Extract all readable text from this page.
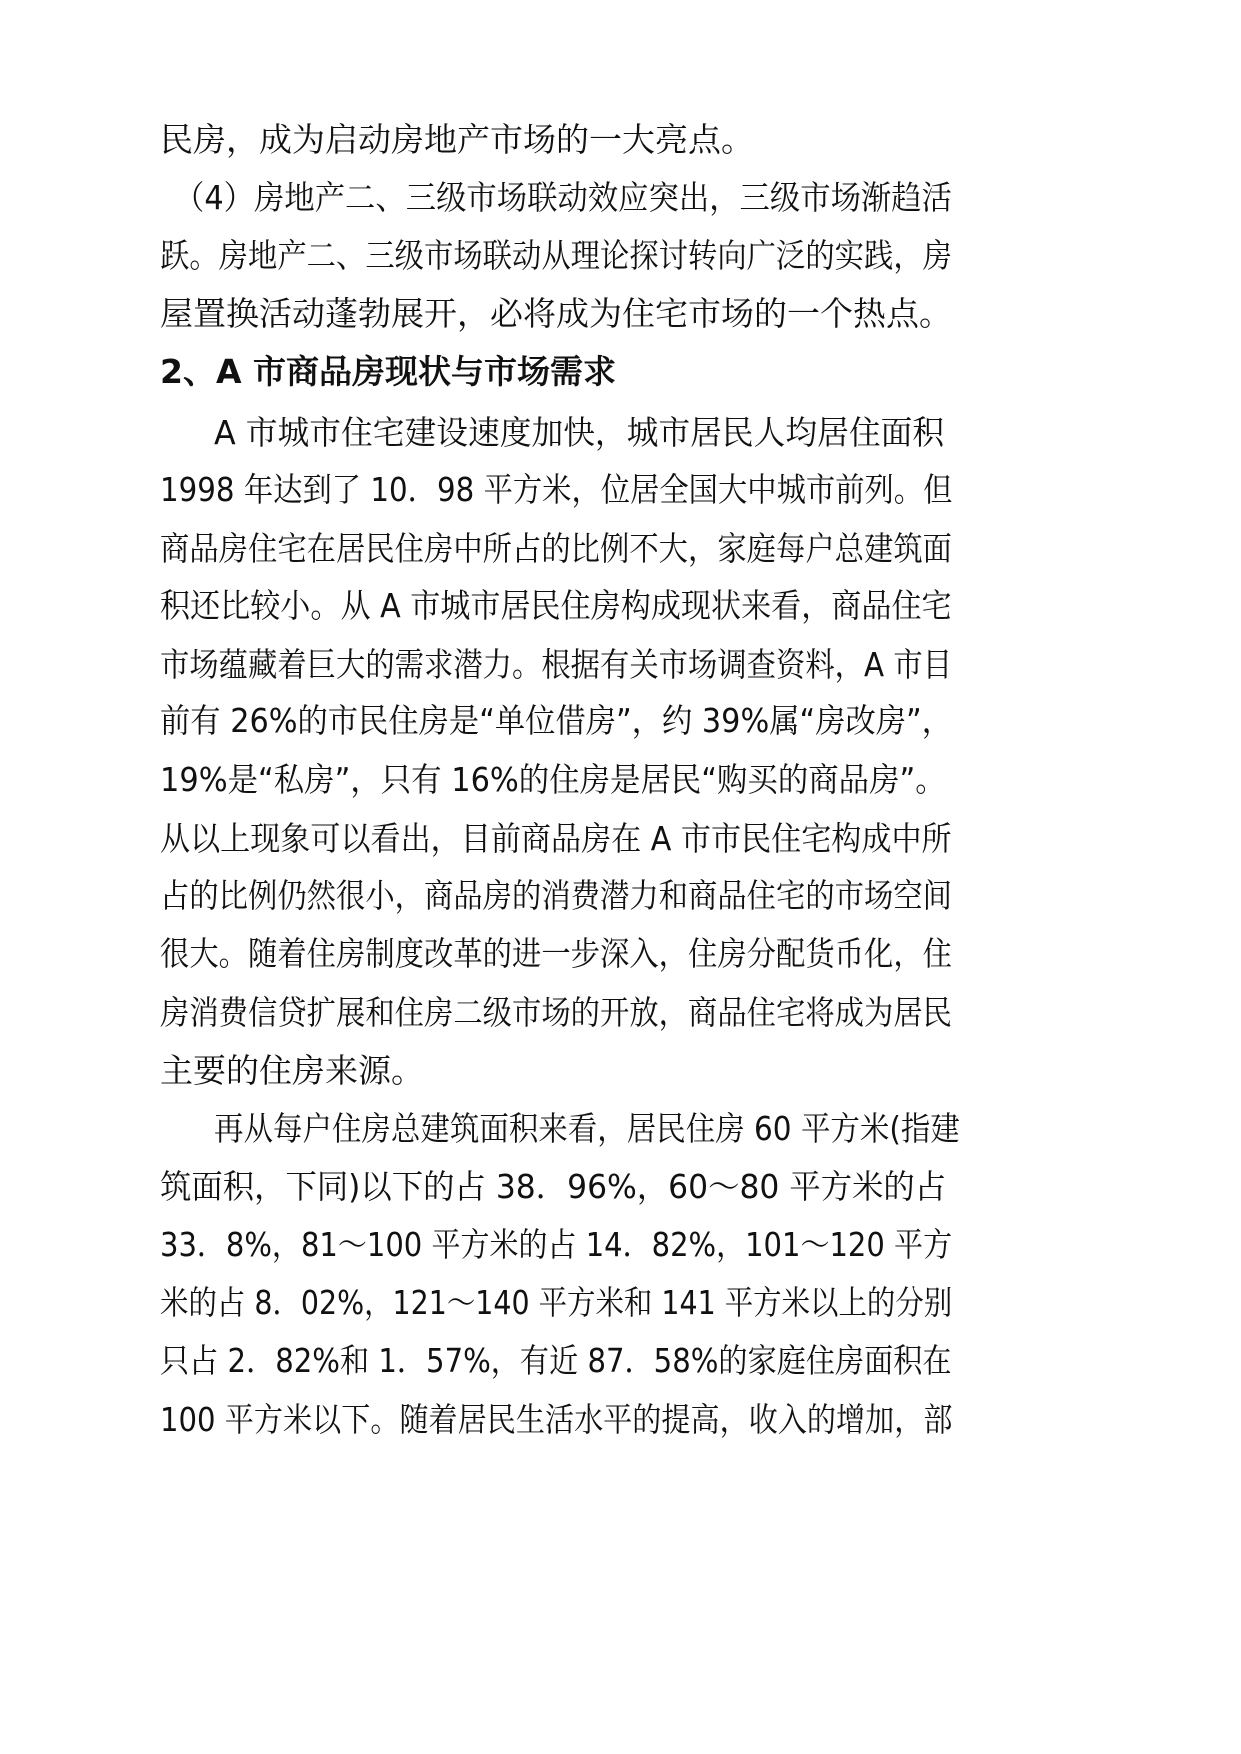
民房，成为启动房地产市场的一大亮点。
（4）房地产二、三级市场联动效应突出，三级市场渐趋活
跃。房地产二、三级市场联动从理论探讨转向广泛的实践，房
屋置换活动蓬勃展开，必将成为住宅市场的一个热点。
2、A 市商品房现状与市场需求
A 市城市住宅建设速度加快，城市居民人均居住面积
1998 年达到了 10．98 平方米，位居全国大中城市前列。但
商品房住宅在居民住房中所占的比例不大，家庭每户总建筑面
积还比较小。从 A 市城市居民住房构成现状来看，商品住宅
市场蕴藏着巨大的需求潜力。根据有关市场调查资料，A 市目
前有 26%的市民住房是“单位借房”，约 39%属“房改房”，
19%是“私房”，只有 16%的住房是居民“购买的商品房”。
从以上现象可以看出，目前商品房在 A 市市民住宅构成中所
占的比例仍然很小，商品房的消费潜力和商品住宅的市场空间
很大。随着住房制度改革的进一步深入，住房分配货币化，住
房消费信贷扩展和住房二级市场的开放，商品住宅将成为居民
主要的住房来源。
再从每户住房总建筑面积来看，居民住房 60 平方米(指建
筑面积，下同)以下的占 38．96%，60～80 平方米的占
33．8%，81～100 平方米的占 14．82%，101～120 平方
米的占 8．02%，121～140 平方米和 141 平方米以上的分别
只占 2．82%和 1．57%，有近 87．58%的家庭住房面积在
100 平方米以下。随着居民生活水平的提高，收入的增加，部
